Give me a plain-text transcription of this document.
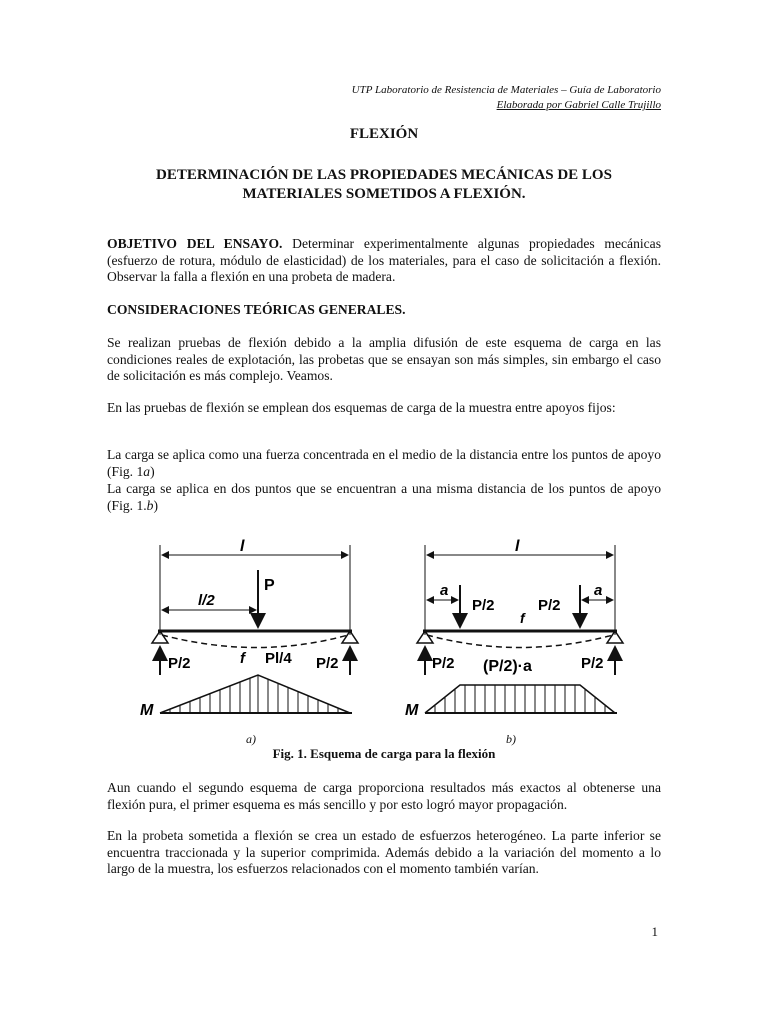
UTP Laboratorio de Resistencia de Materiales – Guía de Laboratorio
Elaborada por Gabriel Calle Trujillo
FLEXIÓN
DETERMINACIÓN DE LAS PROPIEDADES MECÁNICAS DE LOS MATERIALES SOMETIDOS A FLEXIÓN.

OBJETIVO DEL ENSAYO. Determinar experimentalmente algunas propiedades mecánicas (esfuerzo de rotura, módulo de elasticidad) de los materiales, para el caso de solicitación a flexión. Observar la falla a flexión en una probeta de madera.

CONSIDERACIONES TEÓRICAS GENERALES.

Se realizan pruebas de flexión debido a la amplia difusión de este esquema de carga en las condiciones reales de explotación, las probetas que se ensayan son más simples, sin embargo el caso de solicitación es más complejo. Veamos.

En las pruebas de flexión se emplean dos esquemas de carga de la muestra entre apoyos fijos:

La carga se aplica como una fuerza concentrada en el medio de la distancia entre los puntos de apoyo (Fig. 1a)

La carga se aplica en dos puntos que se encuentran a una misma distancia de los puntos de apoyo (Fig. 1.b)

l
l/2
P
P/2	P/2
f Pl/4
M
l
a	a
P/2	P/2
f
P/2	P/2
(P/2)·a
M
a)	b)
Fig. 1. Esquema de carga para la flexión

Aun cuando el segundo esquema de carga proporciona resultados más exactos al obtenerse una flexión pura, el primer esquema es más sencillo y por esto logró mayor propagación.

En la probeta sometida a flexión se crea un estado de esfuerzos heterogéneo. La parte inferior se encuentra traccionada y la superior comprimida. Además debido a la variación del momento a lo largo de la muestra, los esfuerzos relacionados con el momento también varían.

1
